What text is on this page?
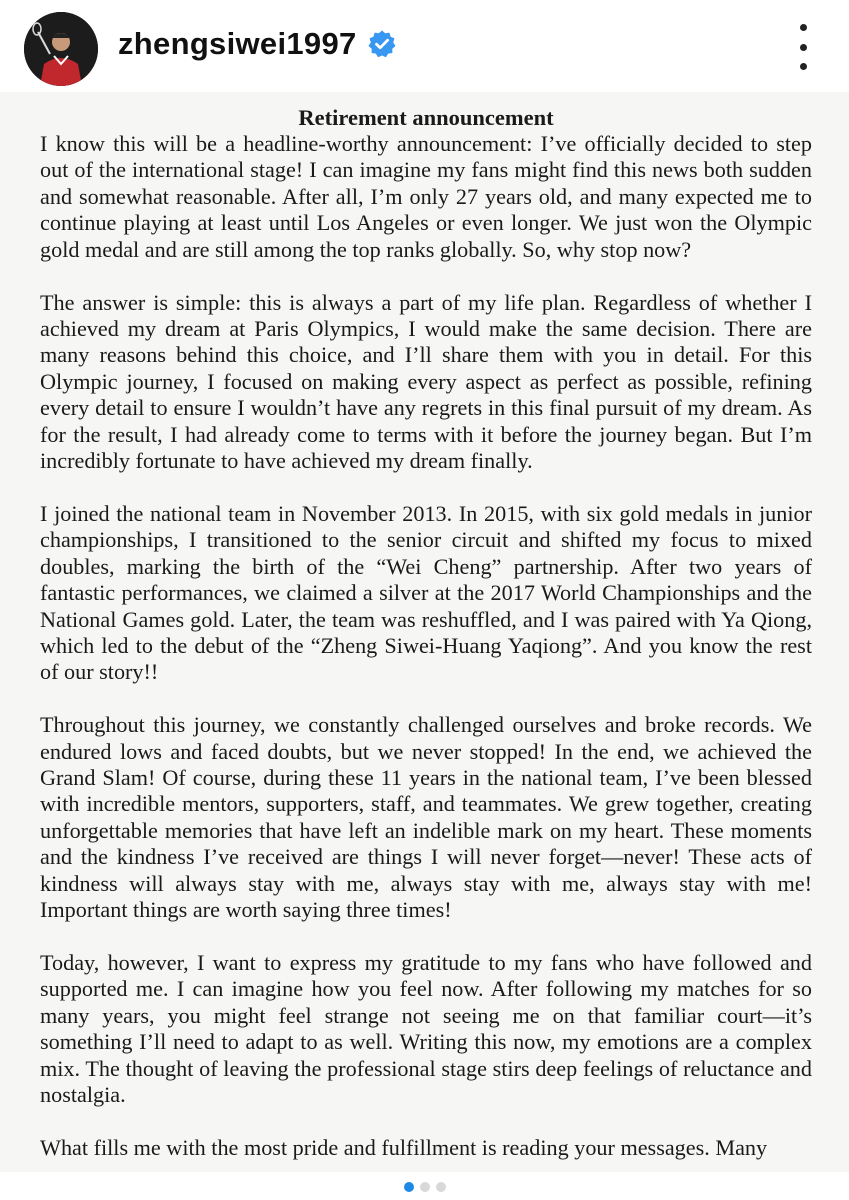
zhengsiwei1997
Retirement announcement

I know this will be a headline-worthy announcement: I’ve officially decided to step out of the international stage! I can imagine my fans might find this news both sudden and somewhat reasonable. After all, I’m only 27 years old, and many expected me to continue playing at least until Los Angeles or even longer. We just won the Olympic gold medal and are still among the top ranks globally. So, why stop now?

The answer is simple: this is always a part of my life plan. Regardless of whether I achieved my dream at Paris Olympics, I would make the same decision. There are many reasons behind this choice, and I’ll share them with you in detail. For this Olympic journey, I focused on making every aspect as perfect as possible, refining every detail to ensure I wouldn’t have any regrets in this final pursuit of my dream. As for the result, I had already come to terms with it before the journey began. But I’m incredibly fortunate to have achieved my dream finally.

I joined the national team in November 2013. In 2015, with six gold medals in junior championships, I transitioned to the senior circuit and shifted my focus to mixed doubles, marking the birth of the “Wei Cheng” partnership. After two years of fantastic performances, we claimed a silver at the 2017 World Championships and the National Games gold. Later, the team was reshuffled, and I was paired with Ya Qiong, which led to the debut of the “Zheng Siwei-Huang Yaqiong”. And you know the rest of our story!!

Throughout this journey, we constantly challenged ourselves and broke records. We endured lows and faced doubts, but we never stopped! In the end, we achieved the Grand Slam! Of course, during these 11 years in the national team, I’ve been blessed with incredible mentors, supporters, staff, and teammates. We grew together, creating unforgettable memories that have left an indelible mark on my heart. These moments and the kindness I’ve received are things I will never forget—never! These acts of kindness will always stay with me, always stay with me, always stay with me! Important things are worth saying three times!

Today, however, I want to express my gratitude to my fans who have followed and supported me. I can imagine how you feel now. After following my matches for so many years, you might feel strange not seeing me on that familiar court—it’s something I’ll need to adapt to as well. Writing this now, my emotions are a complex mix. The thought of leaving the professional stage stirs deep feelings of reluctance and nostalgia.

What fills me with the most pride and fulfillment is reading your messages. Many
